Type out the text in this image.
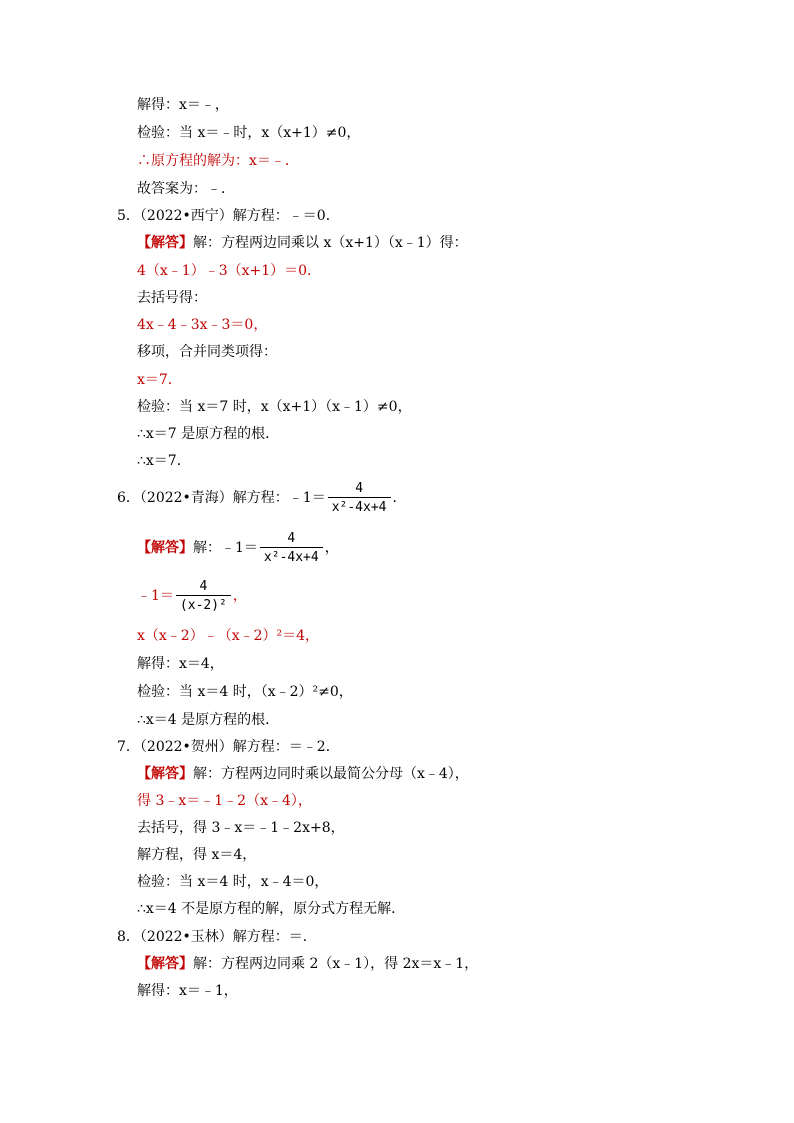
解得：x＝﹣，
检验：当 x＝﹣时，x（x+1）≠0，
∴原方程的解为：x＝﹣．
故答案为：﹣．
5．（2022•西宁）解方程：﹣＝0．
【解答】解：方程两边同乘以 x（x+1）（x﹣1）得：
4（x﹣1）﹣3（x+1）＝0．
去括号得：
4x﹣4﹣3x﹣3＝0，
移项，合并同类项得：
x＝7．
检验：当 x＝7 时，x（x+1）（x﹣1）≠0，
∴x＝7 是原方程的根．
∴x＝7．
6．（2022•青海）解方程：﹣1＝ $\frac{4}{\text{x²-4x+4}}$ ．
【解答】解：﹣1＝ $\frac{4}{\text{x²-4x+4}}$ ，
﹣1＝ $\frac{4}{\text{(x-2)²}}$ ，
x（x﹣2）﹣（x﹣2）²＝4，
解得：x＝4，
检验：当 x＝4 时，（x﹣2）²≠0，
∴x＝4 是原方程的根．
7．（2022•贺州）解方程：＝﹣2．
【解答】解：方程两边同时乘以最简公分母（x﹣4），
得 3﹣x＝﹣1﹣2（x﹣4），
去括号，得 3﹣x＝﹣1﹣2x+8，
解方程，得 x＝4，
检验：当 x＝4 时，x﹣4＝0，
∴x＝4 不是原方程的解，原分式方程无解．
8．（2022•玉林）解方程：＝．
【解答】解：方程两边同乘 2（x﹣1），得 2x＝x﹣1，
解得：x＝﹣1，
